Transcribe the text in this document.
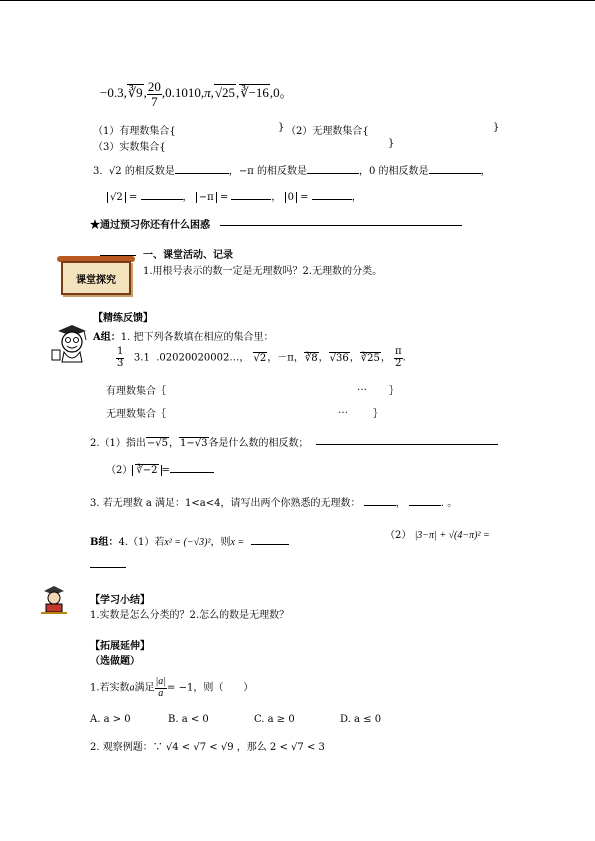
−0.3,∛9, $\frac{20}{7}$ ,0.1010,π,√25,∛−16,0。
（1）有理数集合{	} （2）无理数集合{	}
（3）实数集合{	}
3. √2 的相反数是	，−π 的相反数是	，0 的相反数是	，
√2 =	， −π =	， 0 =	，
★通过预习你还有什么困惑
课堂探究
一、课堂活动、记录
1.用根号表示的数一定是无理数吗？2.无理数的分类。
【精练反馈】
A组：1. 把下列各数填在相应的集合里：
$\frac{1}{3} 3.1$ .02020020002…， √2，－π，∛8，√36，∛25， $\frac{\pi}{2}$ .
有理数集合｛	… ｝
无理数集合｛	…	｝
2.（1）指出−√5，1−√3各是什么数的相反数；
（2） ∛−2 =
3. 若无理数 a 满足：1<a<4，请写出两个你熟悉的无理数：	，	. 。
B组：4.（1）若x² = (−√3)²，则x =
（2） |3−π| + √(4−π)² =
【学习小结】
1.实数是怎么分类的？2.怎么的数是无理数？
【拓展延伸】
（选做题）
1.若实数a满足 $\frac{|a|}{a} = -1$，则（　　）
A. a > 0	B. a < 0	C. a ≥ 0	D. a ≤ 0
2. 观察例题：∵ √4 < √7 < √9 ，那么 2 < √7 < 3
